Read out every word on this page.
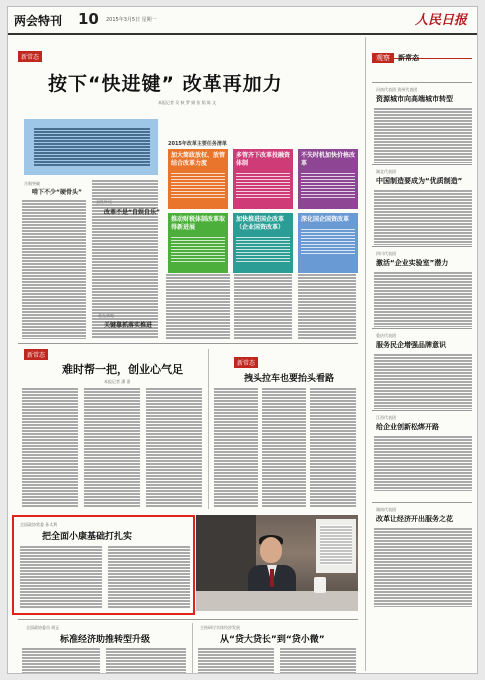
两会特刊 10 2015年3月5日 星期一	人民日报
新常态
按下“快进键” 改革再加力
本报记者 吴 秋 罗 娟 张 韬 陈 文
2015年改革主要任务清单
加大简政放权、放管结合改革力度
多管齐下改革投融资体制
不失时机加快价格改革
推动财税体制改革取得新进展
加快推进国企改革（企业国资改革）
深化国企国资改革
合唱突破
啃下不少“硬骨头”
去杠杆化
改革不是“自娱自乐”
重在落地
关键靠抓落实推进
新常态
难时帮一把，创业心气足
本报记者 潘 嘉
新常态
拽头拉车也要抬头看路
全国政协常委 孙太利
把全面小康基础打扎实
全国政协委员 胡正
标准经济助推转型升级
主持研讨实体经济发展
从“贷大贷长”到“贷小微”
观察 新常态
河南代表团 贵州代表团
资源城市向高端城市转型
湖北代表团
中国制造要成为“优质制造”
四川代表团
激活“企业实验室”潜力
重庆代表团
服务民企增强品牌意识
江西代表团
给企业创新松绑开路
湖南代表团
改革让经济开出服务之花
